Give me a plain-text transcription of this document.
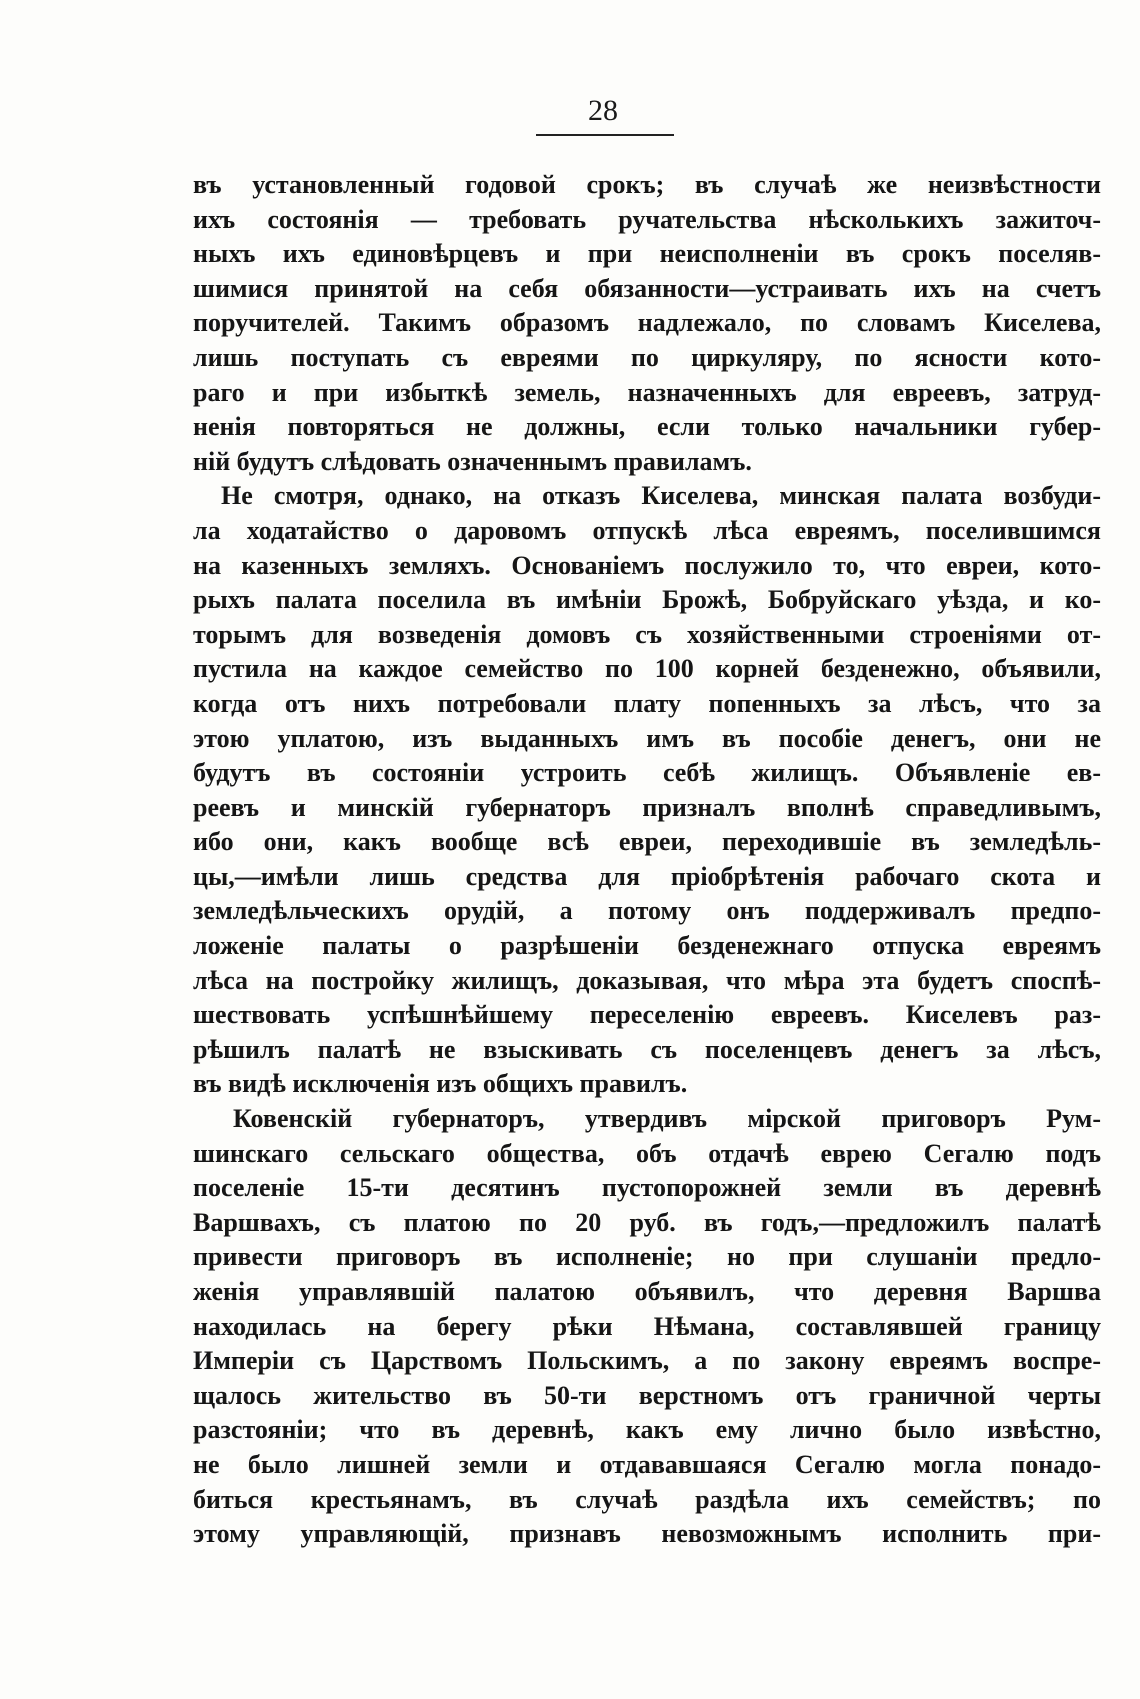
28
въ установленный годовой срокъ; въ случаѣ же неизвѣстности
ихъ состоянія — требовать ручательства нѣсколькихъ зажиточ-
ныхъ ихъ единовѣрцевъ и при неисполненіи въ срокъ поселяв-
шимися принятой на себя обязанности—устраивать ихъ на счетъ
поручителей. Такимъ образомъ надлежало, по словамъ Киселева,
лишь поступать съ евреями по циркуляру, по ясности кото-
раго и при избыткѣ земель, назначенныхъ для евреевъ, затруд-
ненія повторяться не должны, если только начальники губер-
ній будутъ слѣдовать означеннымъ правиламъ.
Не смотря, однако, на отказъ Киселева, минская палата возбуди-
ла ходатайство о даровомъ отпускѣ лѣса евреямъ, поселившимся
на казенныхъ земляхъ. Основаніемъ послужило то, что евреи, кото-
рыхъ палата поселила въ имѣніи Брожѣ, Бобруйскаго уѣзда, и ко-
торымъ для возведенія домовъ съ хозяйственными строеніями от-
пустила на каждое семейство по 100 корней безденежно, объявили,
когда отъ нихъ потребовали плату попенныхъ за лѣсъ, что за
этою уплатою, изъ выданныхъ имъ въ пособіе денегъ, они не
будутъ въ состояніи устроить себѣ жилищъ. Объявленіе ев-
реевъ и минскій губернаторъ призналъ вполнѣ справедливымъ,
ибо они, какъ вообще всѣ евреи, переходившіе въ земледѣль-
цы,—имѣли лишь средства для пріобрѣтенія рабочаго скота и
земледѣльческихъ орудій, а потому онъ поддерживалъ предпо-
ложеніе палаты о разрѣшеніи безденежнаго отпуска евреямъ
лѣса на постройку жилищъ, доказывая, что мѣра эта будетъ споспѣ-
шествовать успѣшнѣйшему переселенію евреевъ. Киселевъ раз-
рѣшилъ палатѣ не взыскивать съ поселенцевъ денегъ за лѣсъ,
въ видѣ исключенія изъ общихъ правилъ.
Ковенскій губернаторъ, утвердивъ мірской приговоръ Рум-
шинскаго сельскаго общества, объ отдачѣ еврею Сегалю подъ
поселеніе 15-ти десятинъ пустопорожней земли въ деревнѣ
Варшвахъ, съ платою по 20 руб. въ годъ,—предложилъ палатѣ
привести приговоръ въ исполненіе; но при слушаніи предло-
женія управлявшій палатою объявилъ, что деревня Варшва
находилась на берегу рѣки Нѣмана, составлявшей границу
Имперіи съ Царствомъ Польскимъ, а по закону евреямъ воспре-
щалось жительство въ 50-ти верстномъ отъ граничной черты
разстояніи; что въ деревнѣ, какъ ему лично было извѣстно,
не было лишней земли и отдававшаяся Сегалю могла понадо-
биться крестьянамъ, въ случаѣ раздѣла ихъ семействъ; по
этому управляющій, признавъ невозможнымъ исполнить при-
